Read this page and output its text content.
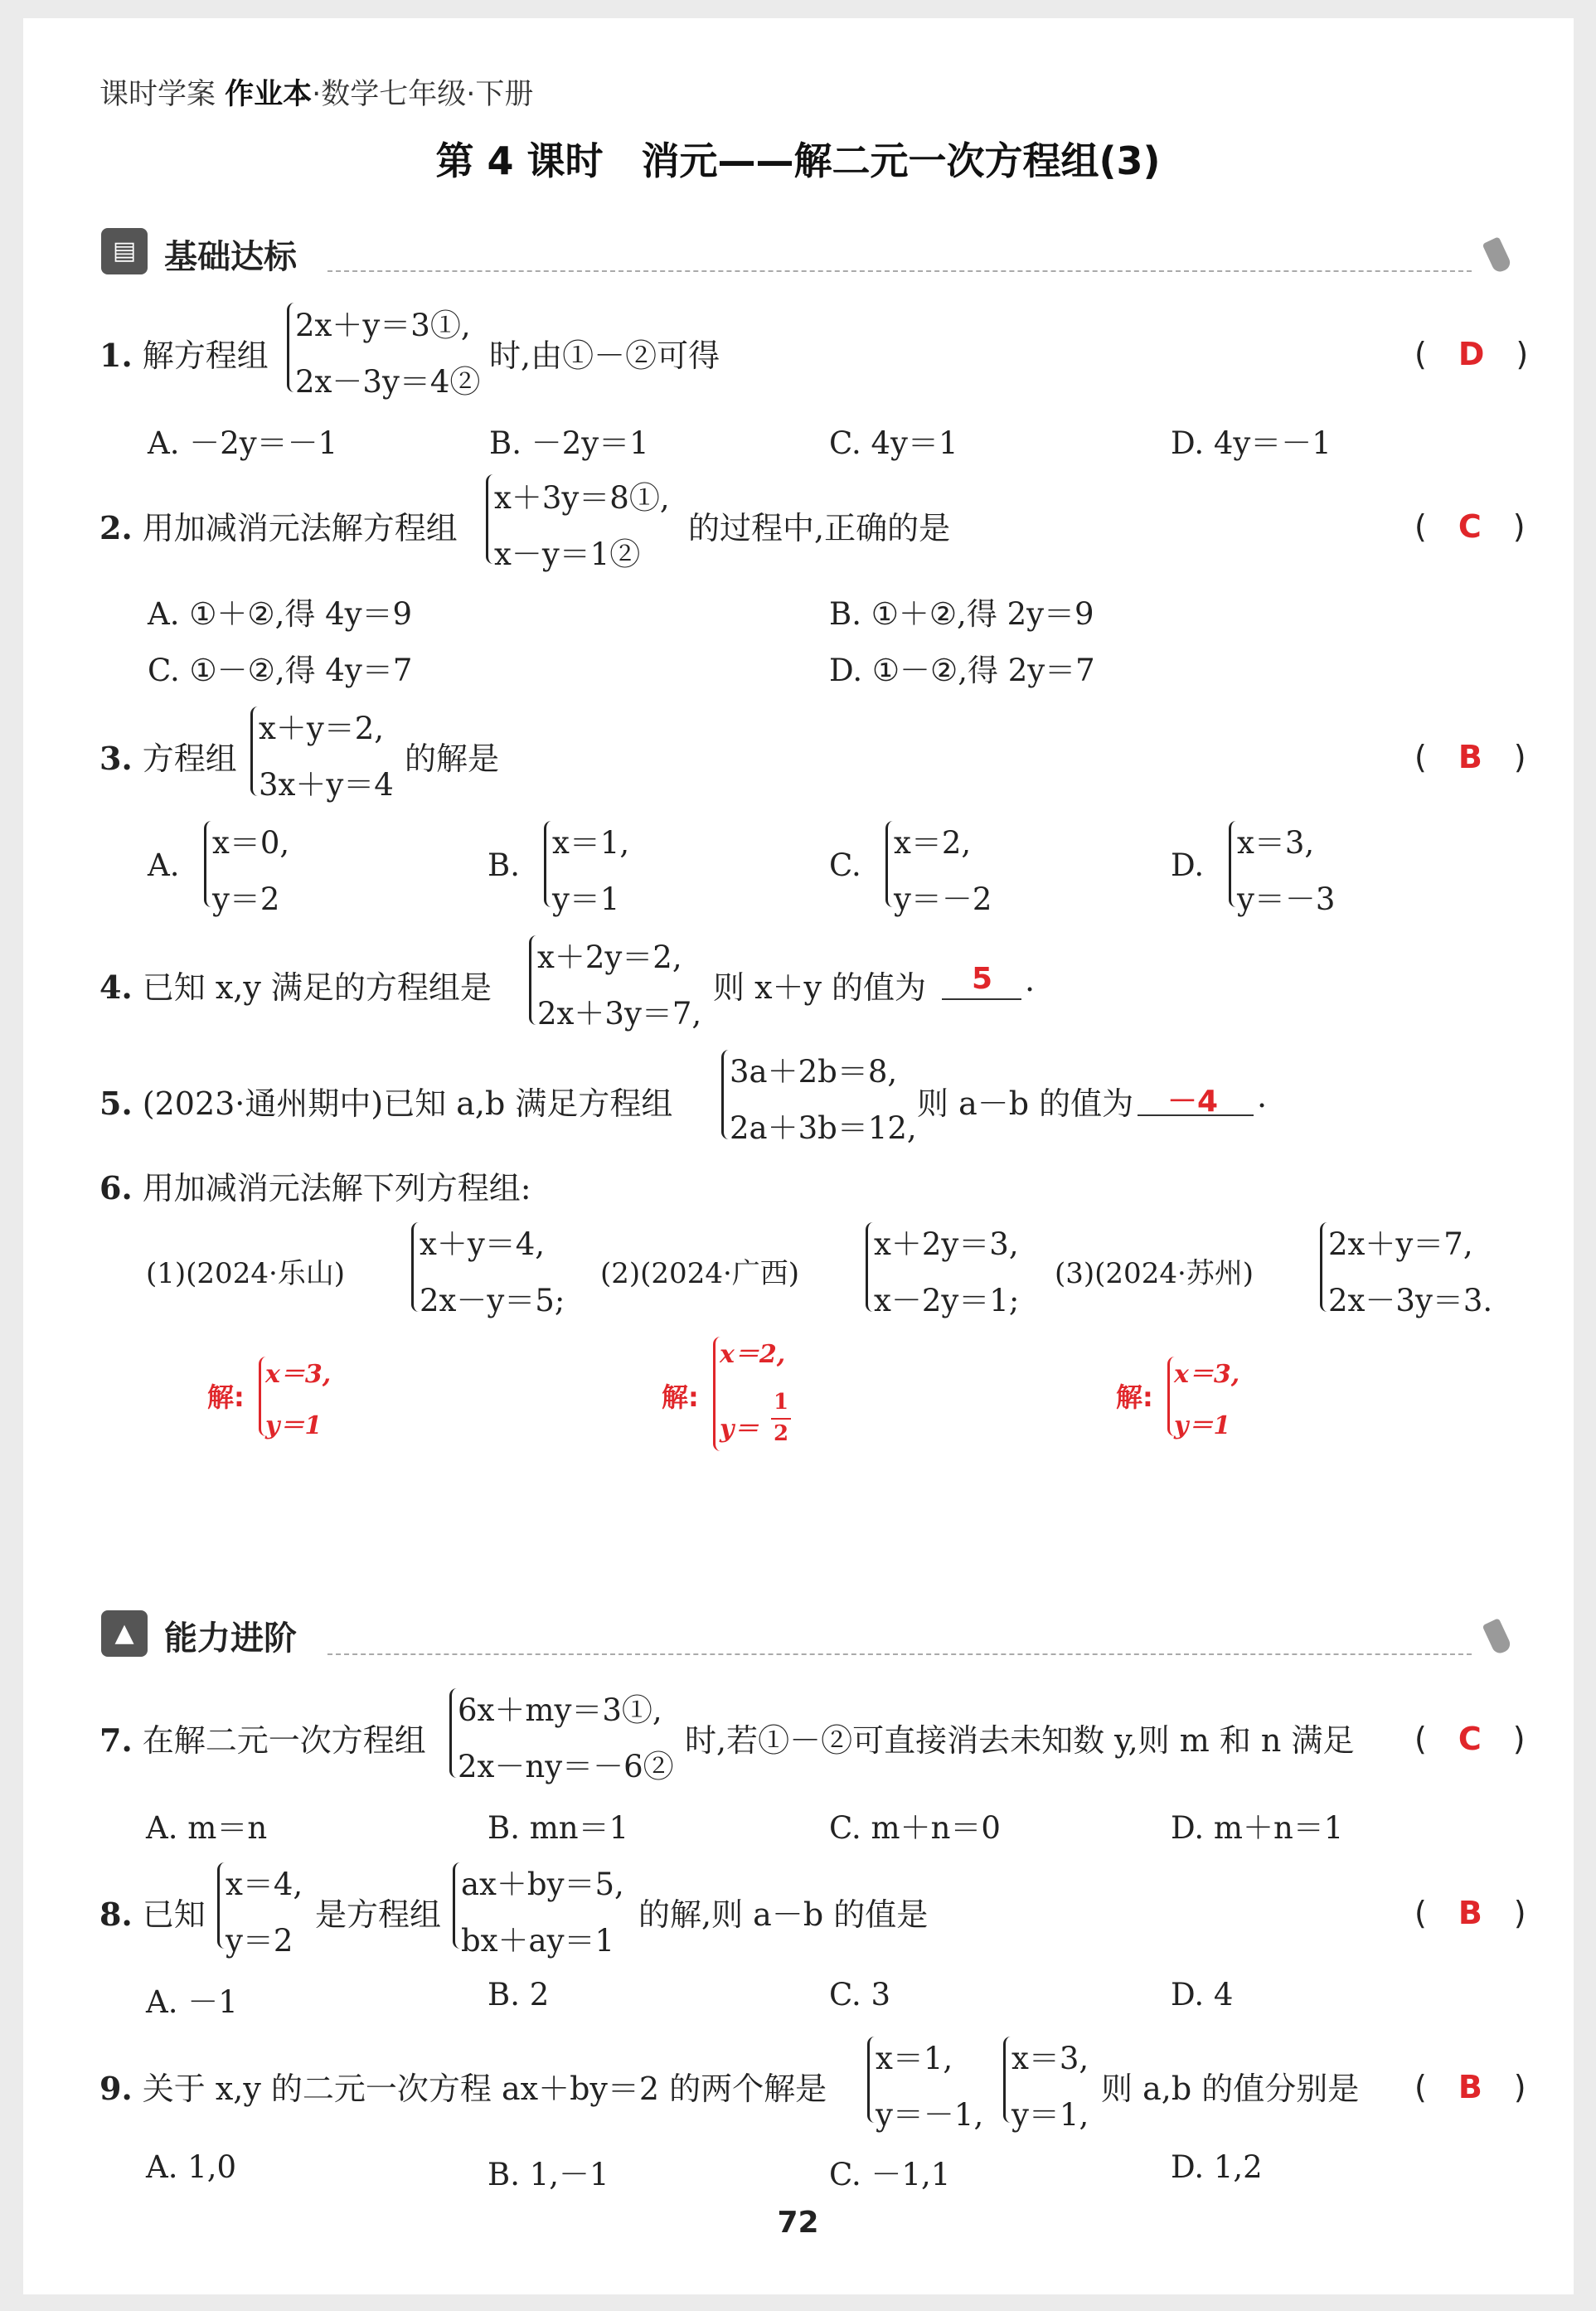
课时学案 作业本·数学七年级·下册
第 4 课时　消元——解二元一次方程组(3)
▤ 基础达标
1. 解方程组
2x＋y＝3①,
2x－3y＝4②
时,由①－②可得	(　D　)
A. －2y＝－1	B. －2y＝1	C. 4y＝1	D. 4y＝－1
2. 用加减消元法解方程组
x＋3y＝8①,
x－y＝1②
的过程中,正确的是	(　C　)
A. ①＋②,得 4y＝9	B. ①＋②,得 2y＝9
C. ①－②,得 4y＝7	D. ①－②,得 2y＝7
3. 方程组
x＋y＝2,
3x＋y＝4
的解是	(　B　)
A.
x＝0,
y＝2
B.
x＝1,
y＝1
C.
x＝2,
y＝－2
D.
x＝3,
y＝－3
4. 已知 x,y 满足的方程组是
x＋2y＝2,
2x＋3y＝7,
则 x＋y 的值为 5 .
5. (2023·通州期中)已知 a,b 满足方程组
3a＋2b＝8,
2a＋3b＝12,
则 a－b 的值为 －4 .
6. 用加减消元法解下列方程组:
(1)(2024·乐山)
x＋y＝4,
2x－y＝5;
(2)(2024·广西)
x＋2y＝3,
x－2y＝1;
(3)(2024·苏州)
2x＋y＝7,
2x－3y＝3.
解:
x＝3,
y＝1
解:
x＝2,
y＝
1
2
解:
x＝3,
y＝1
▲ 能力进阶
7. 在解二元一次方程组
6x＋my＝3①,
2x－ny＝－6②
时,若①－②可直接消去未知数 y,则 m 和 n 满足 (　C　)
A. m＝n	B. mn＝1	C. m＋n＝0	D. m＋n＝1
8. 已知
x＝4,
y＝2
是方程组
ax＋by＝5,
bx＋ay＝1
的解,则 a－b 的值是	(　B　)
A. －1	B. 2	C. 3	D. 4
9. 关于 x,y 的二元一次方程 ax＋by＝2 的两个解是
x＝1,
y＝－1,
x＝3,
y＝1,
则 a,b 的值分别是 (　B　)
A. 1,0	B. 1,－1	C. －1,1	D. 1,2
72
